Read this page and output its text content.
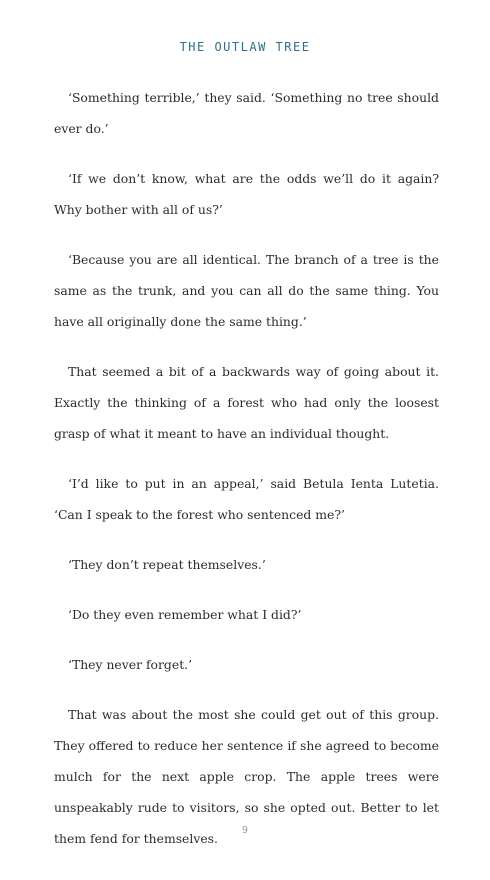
THE OUTLAW TREE

‘Something terrible,’ they said. ‘Something no tree should ever do.’

‘If we don’t know, what are the odds we’ll do it again? Why bother with all of us?’

‘Because you are all identical. The branch of a tree is the same as the trunk, and you can all do the same thing. You have all originally done the same thing.’

That seemed a bit of a backwards way of going about it. Exactly the thinking of a forest who had only the loosest grasp of what it meant to have an individual thought.

‘I’d like to put in an appeal,’ said Betula Ienta Lutetia. ‘Can I speak to the forest who sentenced me?’

‘They don’t repeat themselves.’

‘Do they even remember what I did?’

‘They never forget.’

That was about the most she could get out of this group. They offered to reduce her sentence if she agreed to become mulch for the next apple crop. The apple trees were unspeakably rude to visitors, so she opted out. Better to let them fend for themselves.

9
